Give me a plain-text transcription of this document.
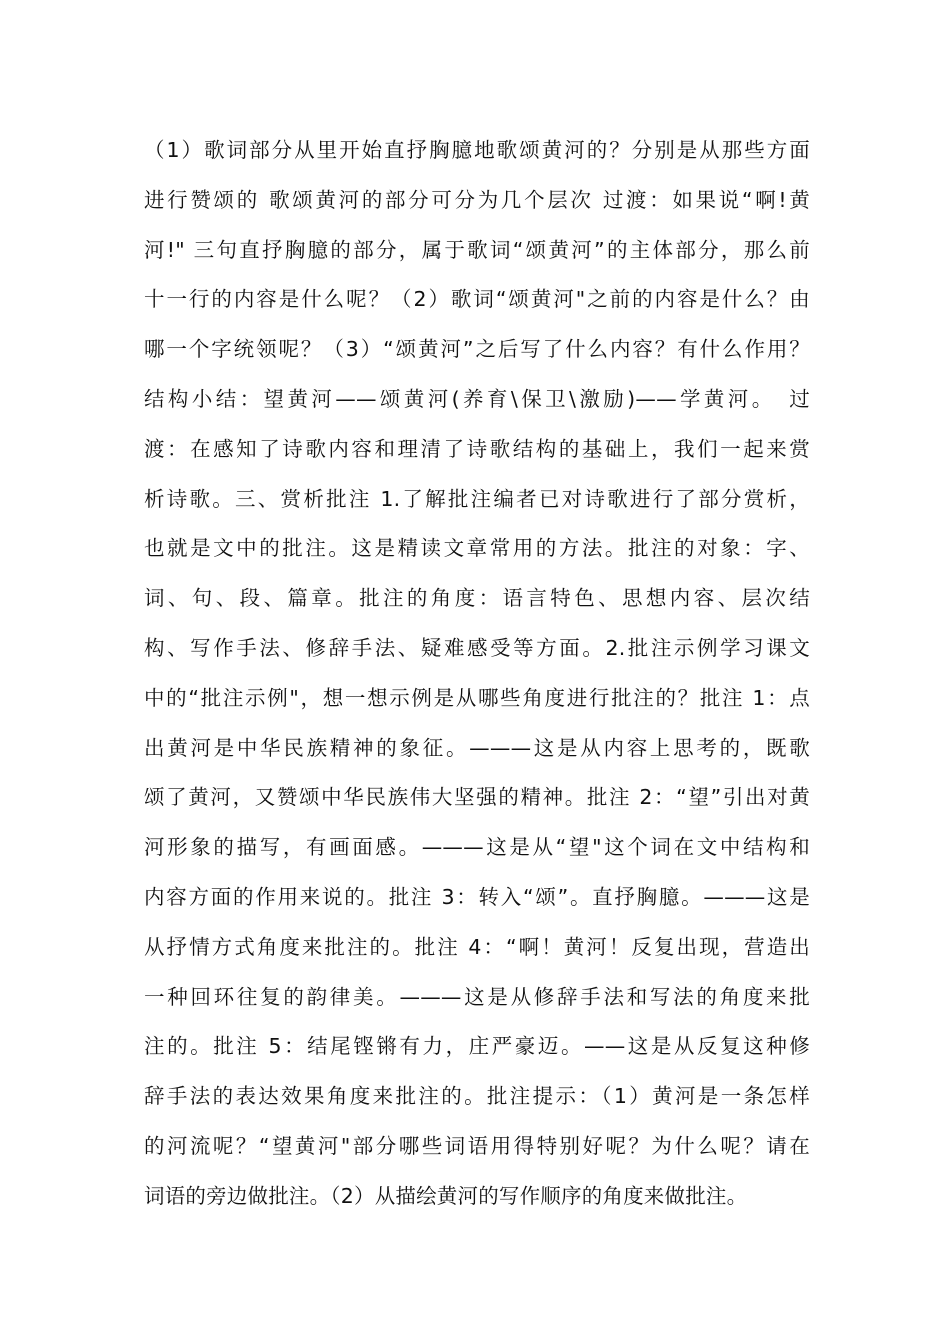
（1）歌词部分从里开始直抒胸臆地歌颂黄河的？分别是从那些方面
进行赞颂的 歌颂黄河的部分可分为几个层次 过渡：如果说“啊!黄
河!" 三句直抒胸臆的部分，属于歌词“颂黄河”的主体部分，那么前
十一行的内容是什么呢？（2）歌词“颂黄河"之前的内容是什么？由
哪一个字统领呢？（3）“颂黄河”之后写了什么内容？有什么作用？
结构小结：望黄河——颂黄河(养育\保卫\激励)——学黄河。　过
渡：在感知了诗歌内容和理清了诗歌结构的基础上，我们一起来赏
析诗歌。三、赏析批注 1.了解批注编者已对诗歌进行了部分赏析，
也就是文中的批注。这是精读文章常用的方法。批注的对象：字、
词、句、段、篇章。批注的角度：语言特色、思想内容、层次结
构、写作手法、修辞手法、疑难感受等方面。2.批注示例学习课文
中的“批注示例"，想一想示例是从哪些角度进行批注的？批注 1：点
出黄河是中华民族精神的象征。———这是从内容上思考的，既歌
颂了黄河，又赞颂中华民族伟大坚强的精神。批注 2：“望”引出对黄
河形象的描写，有画面感。———这是从“望"这个词在文中结构和
内容方面的作用来说的。批注 3：转入“颂”。直抒胸臆。———这是
从抒情方式角度来批注的。批注 4：“啊！黄河！反复出现，营造出
一种回环往复的韵律美。———这是从修辞手法和写法的角度来批
注的。批注 5：结尾铿锵有力，庄严豪迈。——这是从反复这种修
辞手法的表达效果角度来批注的。批注提示：（1）黄河是一条怎样
的河流呢？“望黄河"部分哪些词语用得特别好呢？为什么呢？请在
词语的旁边做批注。（2）从描绘黄河的写作顺序的角度来做批注。
